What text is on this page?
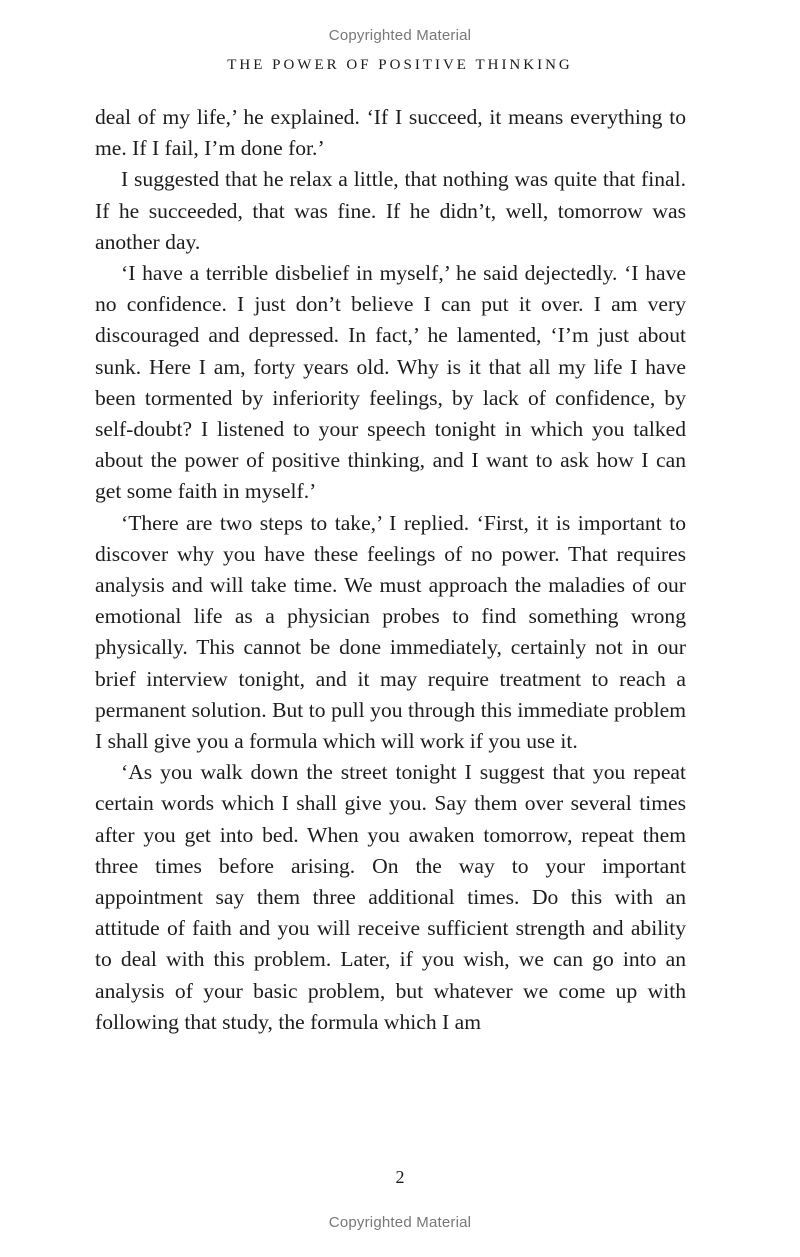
Copyrighted Material
THE POWER OF POSITIVE THINKING

deal of my life,’ he explained. ‘If I succeed, it means everything to me. If I fail, I’m done for.’

I suggested that he relax a little, that nothing was quite that final. If he succeeded, that was fine. If he didn’t, well, tomorrow was another day.

‘I have a terrible disbelief in myself,’ he said dejectedly. ‘I have no confidence. I just don’t believe I can put it over. I am very discouraged and depressed. In fact,’ he lamented, ‘I’m just about sunk. Here I am, forty years old. Why is it that all my life I have been tormented by inferiority feelings, by lack of confidence, by self-doubt? I listened to your speech tonight in which you talked about the power of positive thinking, and I want to ask how I can get some faith in myself.’

‘There are two steps to take,’ I replied. ‘First, it is important to discover why you have these feelings of no power. That requires analysis and will take time. We must approach the maladies of our emotional life as a physician probes to find something wrong physically. This cannot be done immediately, certainly not in our brief interview tonight, and it may require treatment to reach a permanent solution. But to pull you through this immediate problem I shall give you a formula which will work if you use it.

‘As you walk down the street tonight I suggest that you repeat certain words which I shall give you. Say them over several times after you get into bed. When you awaken tomorrow, repeat them three times before arising. On the way to your important appointment say them three additional times. Do this with an attitude of faith and you will receive sufficient strength and ability to deal with this problem. Later, if you wish, we can go into an analysis of your basic problem, but whatever we come up with following that study, the formula which I am

2
Copyrighted Material
